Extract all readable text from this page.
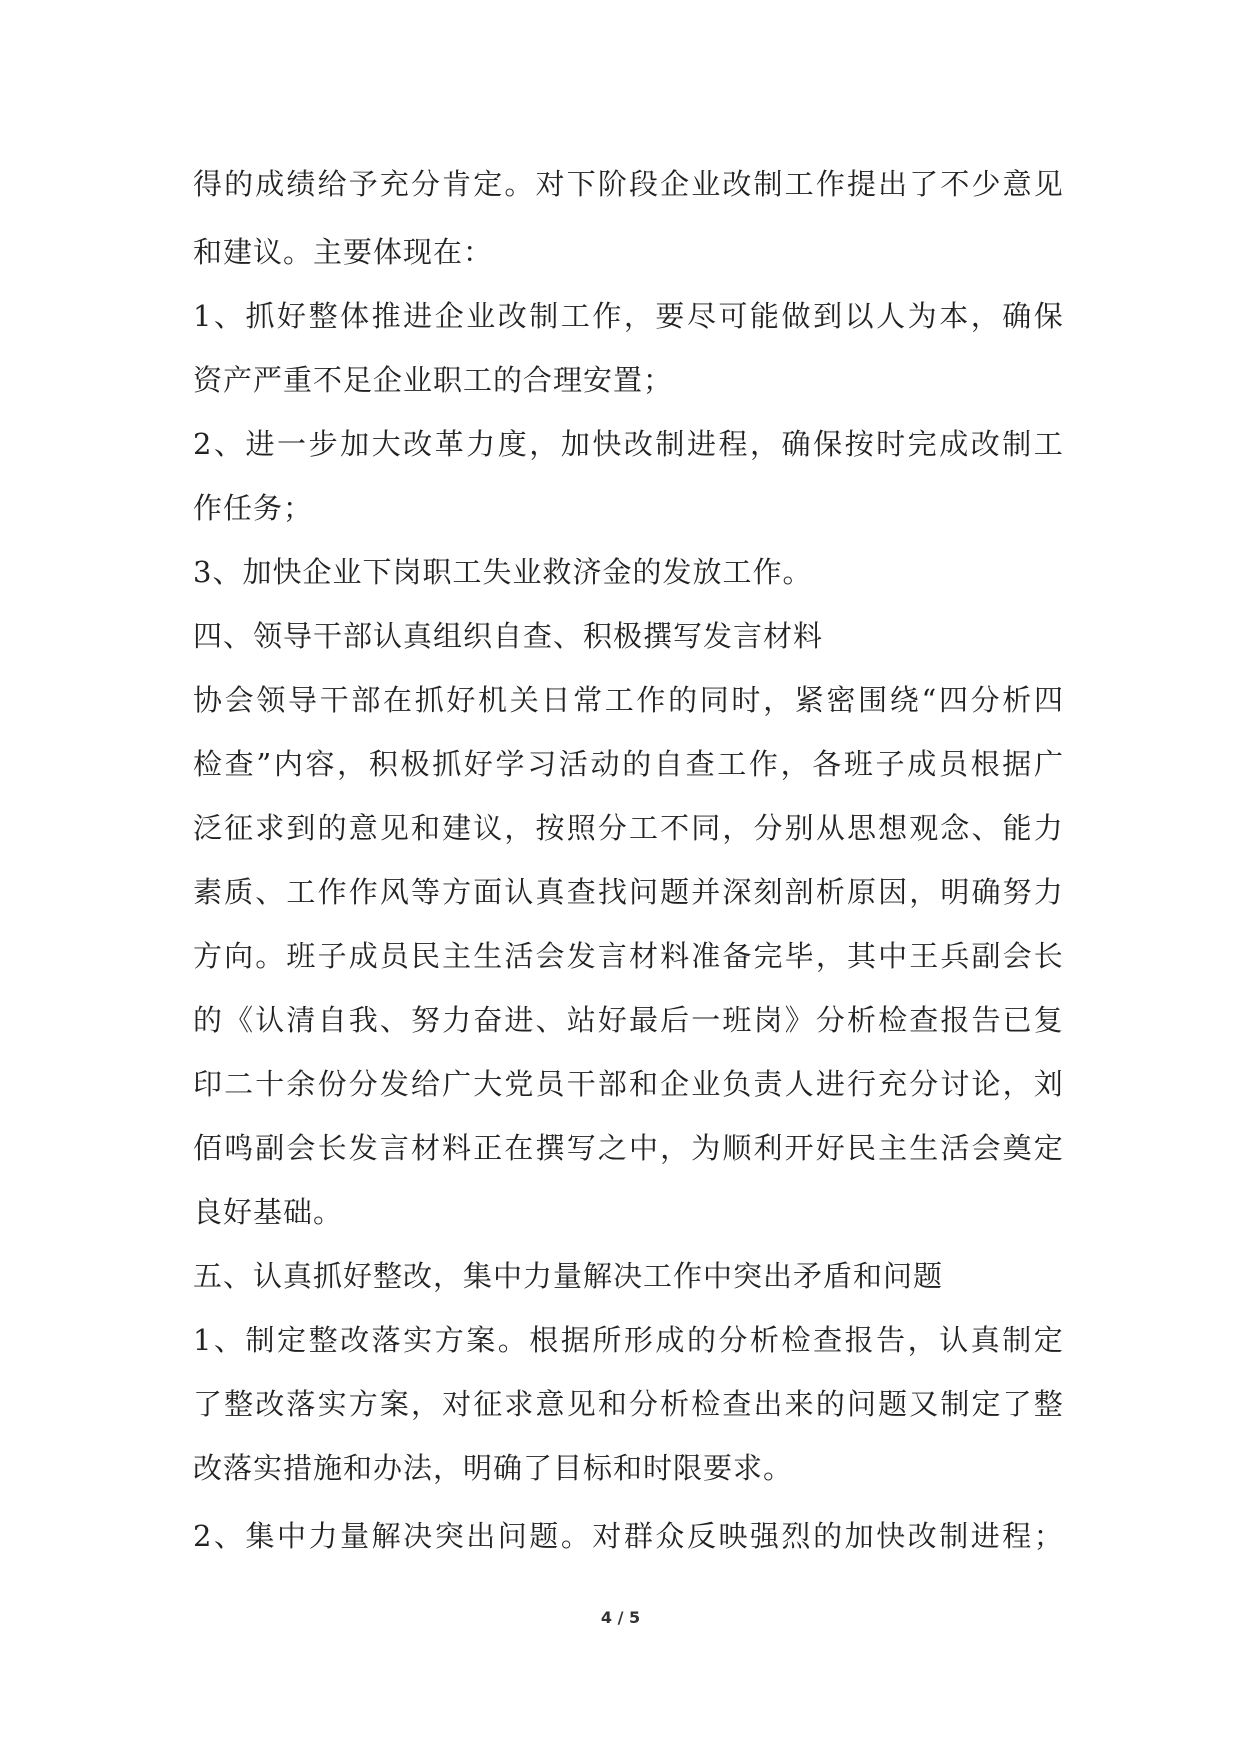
得 的 成 绩 给 予 充 分 肯 定 。 对 下 阶 段 企 业 改 制 工 作 提 出 了 不 少 意 见
和建议。主要体现在：
1 、 抓 好 整 体 推 进 企 业 改 制 工 作 ， 要 尽 可 能 做 到 以 人 为 本 ， 确 保
资产严重不足企业职工的合理安置；
2 、 进 一 步 加 大 改 革 力 度 ， 加 快 改 制 进 程 ， 确 保 按 时 完 成 改 制 工
作任务；
3、加快企业下岗职工失业救济金的发放工作。
四、领导干部认真组织自查、积极撰写发言材料
协 会 领 导 干 部 在 抓 好 机 关 日 常 工 作 的 同 时 ， 紧 密 围 绕 “ 四 分 析 四
检 查 ” 内 容 ， 积 极 抓 好 学 习 活 动 的 自 查 工 作 ， 各 班 子 成 员 根 据 广
泛 征 求 到 的 意 见 和 建 议 ， 按 照 分 工 不 同 ， 分 别 从 思 想 观 念 、 能 力
素 质 、 工 作 作 风 等 方 面 认 真 查 找 问 题 并 深 刻 剖 析 原 因 ， 明 确 努 力
方 向 。 班 子 成 员 民 主 生 活 会 发 言 材 料 准 备 完 毕 ， 其 中 王 兵 副 会 长
的 《 认 清 自 我 、 努 力 奋 进 、 站 好 最 后 一 班 岗 》 分 析 检 查 报 告 已 复
印 二 十 余 份 分 发 给 广 大 党 员 干 部 和 企 业 负 责 人 进 行 充 分 讨 论 ， 刘
佰 鸣 副 会 长 发 言 材 料 正 在 撰 写 之 中 ， 为 顺 利 开 好 民 主 生 活 会 奠 定
良好基础。
五、认真抓好整改，集中力量解决工作中突出矛盾和问题
1 、 制 定 整 改 落 实 方 案 。 根 据 所 形 成 的 分 析 检 查 报 告 ， 认 真 制 定
了 整 改 落 实 方 案 ， 对 征 求 意 见 和 分 析 检 查 出 来 的 问 题 又 制 定 了 整
改落实措施和办法，明确了目标和时限要求。
2 、 集 中 力 量 解 决 突 出 问 题 。 对 群 众 反 映 强 烈 的 加 快 改 制 进 程 ；
4 / 5
